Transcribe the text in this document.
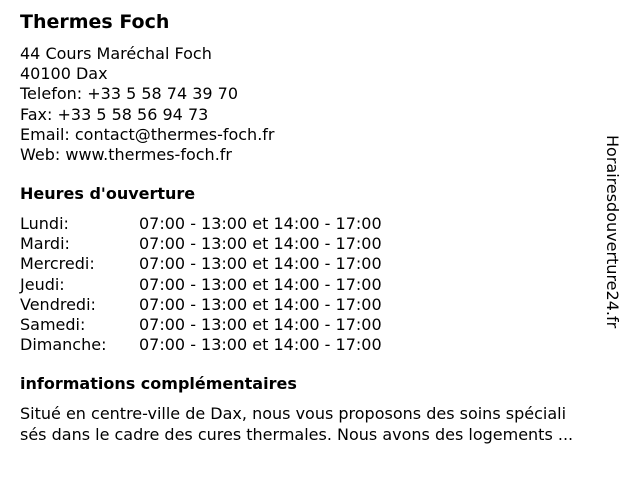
Thermes Foch
44 Cours Maréchal Foch
40100 Dax
Telefon: +33 5 58 74 39 70
Fax: +33 5 58 56 94 73
Email: contact@thermes-foch.fr
Web: www.thermes-foch.fr
Heures d'ouverture
Lundi:	07:00 - 13:00 et 14:00 - 17:00
Mardi:	07:00 - 13:00 et 14:00 - 17:00
Mercredi:	07:00 - 13:00 et 14:00 - 17:00
Jeudi:	07:00 - 13:00 et 14:00 - 17:00
Vendredi:	07:00 - 13:00 et 14:00 - 17:00
Samedi:	07:00 - 13:00 et 14:00 - 17:00
Dimanche: 07:00 - 13:00 et 14:00 - 17:00
informations complémentaires
Situé en centre-ville de Dax, nous vous proposons des soins spéciali
sés dans le cadre des cures thermales. Nous avons des logements ...
Horairesdouverture24.fr
